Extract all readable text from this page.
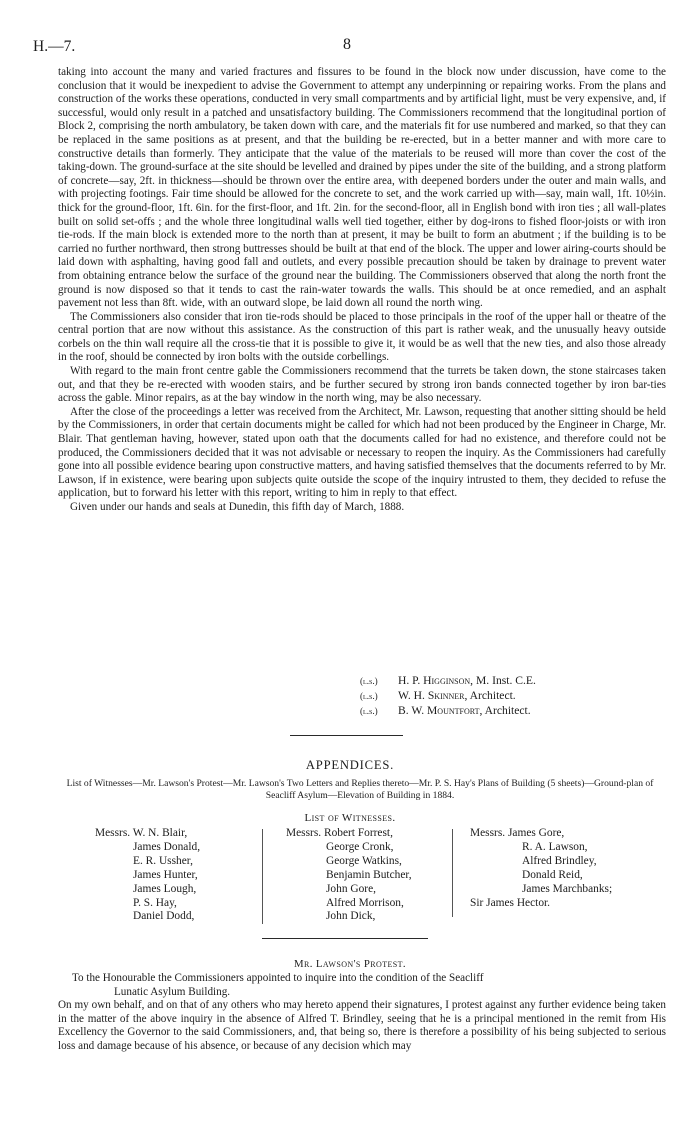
H.—7.	8

taking into account the many and varied fractures and fissures to be found in the block now under discussion, have come to the conclusion that it would be inexpedient to advise the Government to attempt any underpinning or repairing works. From the plans and construction of the works these operations, conducted in very small compartments and by artificial light, must be very expensive, and, if successful, would only result in a patched and unsatisfactory building. The Commissioners recommend that the longitudinal portion of Block 2, comprising the north ambulatory, be taken down with care, and the materials fit for use numbered and marked, so that they can be replaced in the same positions as at present, and that the building be re-erected, but in a better manner and with more care to constructive details than formerly. They anticipate that the value of the materials to be reused will more than cover the cost of the taking-down. The ground-surface at the site should be levelled and drained by pipes under the site of the building, and a strong platform of concrete—say, 2ft. in thickness—should be thrown over the entire area, with deepened borders under the outer and main walls, and with projecting footings. Fair time should be allowed for the concrete to set, and the work carried up with—say, main wall, 1ft. 10½in. thick for the ground-floor, 1ft. 6in. for the first-floor, and 1ft. 2in. for the second-floor, all in English bond with iron ties ; all wall-plates built on solid set-offs ; and the whole three longitudinal walls well tied together, either by dog-irons to fished floor-joists or with iron tie-rods. If the main block is extended more to the north than at present, it may be built to form an abutment ; if the building is to be carried no further northward, then strong buttresses should be built at that end of the block. The upper and lower airing-courts should be laid down with asphalting, having good fall and outlets, and every possible precaution should be taken by drainage to prevent water from obtaining entrance below the surface of the ground near the building. The Commissioners observed that along the north front the ground is now disposed so that it tends to cast the rain-water towards the walls. This should be at once remedied, and an asphalt pavement not less than 8ft. wide, with an outward slope, be laid down all round the north wing.

The Commissioners also consider that iron tie-rods should be placed to those principals in the roof of the upper hall or theatre of the central portion that are now without this assistance. As the construction of this part is rather weak, and the unusually heavy outside corbels on the thin wall require all the cross-tie that it is possible to give it, it would be as well that the new ties, and also those already in the roof, should be connected by iron bolts with the outside corbellings.

With regard to the main front centre gable the Commissioners recommend that the turrets be taken down, the stone staircases taken out, and that they be re-erected with wooden stairs, and be further secured by strong iron bands connected together by iron bar-ties across the gable. Minor repairs, as at the bay window in the north wing, may be also necessary.

After the close of the proceedings a letter was received from the Architect, Mr. Lawson, requesting that another sitting should be held by the Commissioners, in order that certain documents might be called for which had not been produced by the Engineer in Charge, Mr. Blair. That gentleman having, however, stated upon oath that the documents called for had no existence, and therefore could not be produced, the Commissioners decided that it was not advisable or necessary to reopen the inquiry. As the Commissioners had carefully gone into all possible evidence bearing upon constructive matters, and having satisfied themselves that the documents referred to by Mr. Lawson, if in existence, were bearing upon subjects quite outside the scope of the inquiry intrusted to them, they decided to refuse the application, but to forward his letter with this report, writing to him in reply to that effect.

Given under our hands and seals at Dunedin, this fifth day of March, 1888.

(l.s.) H. P. Higginson, M. Inst. C.E.
(l.s.) W. H. Skinner, Architect.
(l.s.) B. W. Mountfort, Architect.
APPENDICES.
List of Witnesses—Mr. Lawson's Protest—Mr. Lawson's Two Letters and Replies thereto—Mr. P. S. Hay's Plans of Building (5 sheets)—Ground-plan of Seacliff Asylum—Elevation of Building in 1884.
List of Witnesses.
Messrs. W. N. Blair,
James Donald,
E. R. Ussher,
James Hunter,
James Lough,
P. S. Hay,
Daniel Dodd,
Messrs. Robert Forrest,
George Cronk,
George Watkins,
Benjamin Butcher,
John Gore,
Alfred Morrison,
John Dick,
Messrs. James Gore,
R. A. Lawson,
Alfred Brindley,
Donald Reid,
James Marchbanks;
Sir James Hector.
Mr. Lawson's Protest.

To the Honourable the Commissioners appointed to inquire into the condition of the Seacliff

Lunatic Asylum Building.

On my own behalf, and on that of any others who may hereto append their signatures, I protest against any further evidence being taken in the matter of the above inquiry in the absence of Alfred T. Brindley, seeing that he is a principal mentioned in the remit from His Excellency the Governor to the said Commissioners, and, that being so, there is therefore a possibility of his being subjected to serious loss and damage because of his absence, or because of any decision which may
